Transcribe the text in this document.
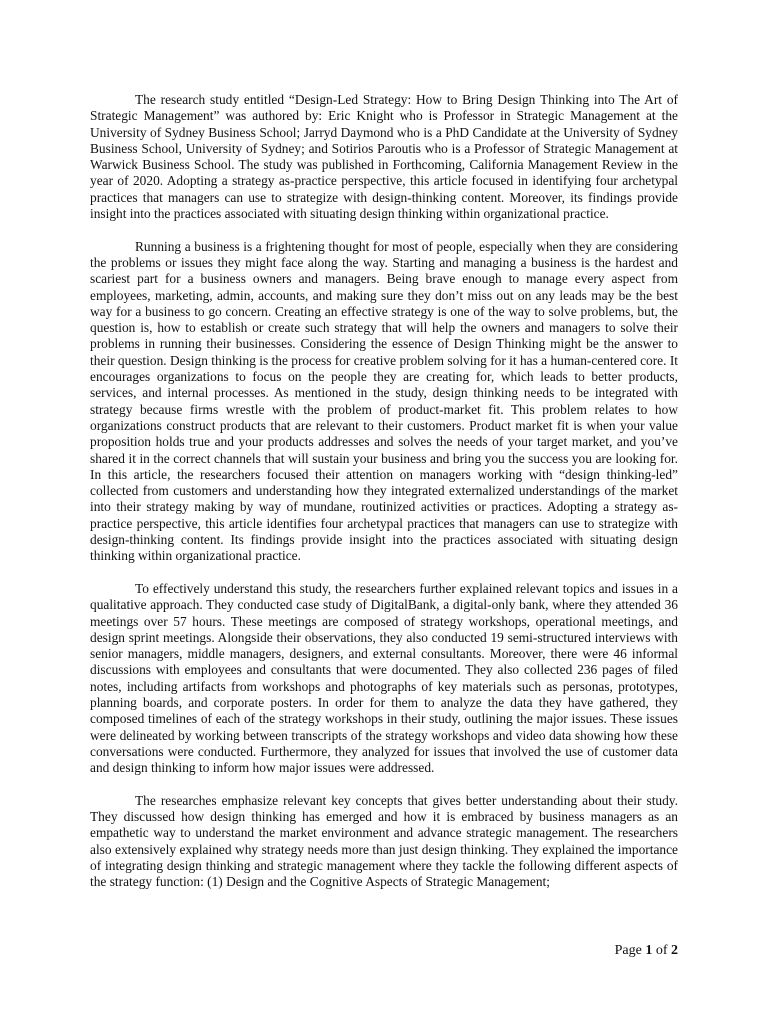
The research study entitled “Design-Led Strategy: How to Bring Design Thinking into The Art of Strategic Management” was authored by: Eric Knight who is Professor in Strategic Management at the University of Sydney Business School; Jarryd Daymond who is a PhD Candidate at the University of Sydney Business School, University of Sydney; and Sotirios Paroutis who is a Professor of Strategic Management at Warwick Business School. The study was published in Forthcoming, California Management Review in the year of 2020. Adopting a strategy as-practice perspective, this article focused in identifying four archetypal practices that managers can use to strategize with design-thinking content. Moreover, its findings provide insight into the practices associated with situating design thinking within organizational practice.

Running a business is a frightening thought for most of people, especially when they are considering the problems or issues they might face along the way. Starting and managing a business is the hardest and scariest part for a business owners and managers. Being brave enough to manage every aspect from employees, marketing, admin, accounts, and making sure they don’t miss out on any leads may be the best way for a business to go concern. Creating an effective strategy is one of the way to solve problems, but, the question is, how to establish or create such strategy that will help the owners and managers to solve their problems in running their businesses. Considering the essence of Design Thinking might be the answer to their question. Design thinking is the process for creative problem solving for it has a human-centered core. It encourages organizations to focus on the people they are creating for, which leads to better products, services, and internal processes. As mentioned in the study, design thinking needs to be integrated with strategy because firms wrestle with the problem of product-market fit. This problem relates to how organizations construct products that are relevant to their customers. Product market fit is when your value proposition holds true and your products addresses and solves the needs of your target market, and you’ve shared it in the correct channels that will sustain your business and bring you the success you are looking for. In this article, the researchers focused their attention on managers working with “design thinking-led” collected from customers and understanding how they integrated externalized understandings of the market into their strategy making by way of mundane, routinized activities or practices. Adopting a strategy as-practice perspective, this article identifies four archetypal practices that managers can use to strategize with design-thinking content. Its findings provide insight into the practices associated with situating design thinking within organizational practice.

To effectively understand this study, the researchers further explained relevant topics and issues in a qualitative approach. They conducted case study of DigitalBank, a digital-only bank, where they attended 36 meetings over 57 hours. These meetings are composed of strategy workshops, operational meetings, and design sprint meetings. Alongside their observations, they also conducted 19 semi-structured interviews with senior managers, middle managers, designers, and external consultants. Moreover, there were 46 informal discussions with employees and consultants that were documented. They also collected 236 pages of filed notes, including artifacts from workshops and photographs of key materials such as personas, prototypes, planning boards, and corporate posters. In order for them to analyze the data they have gathered, they composed timelines of each of the strategy workshops in their study, outlining the major issues. These issues were delineated by working between transcripts of the strategy workshops and video data showing how these conversations were conducted. Furthermore, they analyzed for issues that involved the use of customer data and design thinking to inform how major issues were addressed.

The researches emphasize relevant key concepts that gives better understanding about their study. They discussed how design thinking has emerged and how it is embraced by business managers as an empathetic way to understand the market environment and advance strategic management. The researchers also extensively explained why strategy needs more than just design thinking. They explained the importance of integrating design thinking and strategic management where they tackle the following different aspects of the strategy function: (1) Design and the Cognitive Aspects of Strategic Management;

Page 1 of 2
